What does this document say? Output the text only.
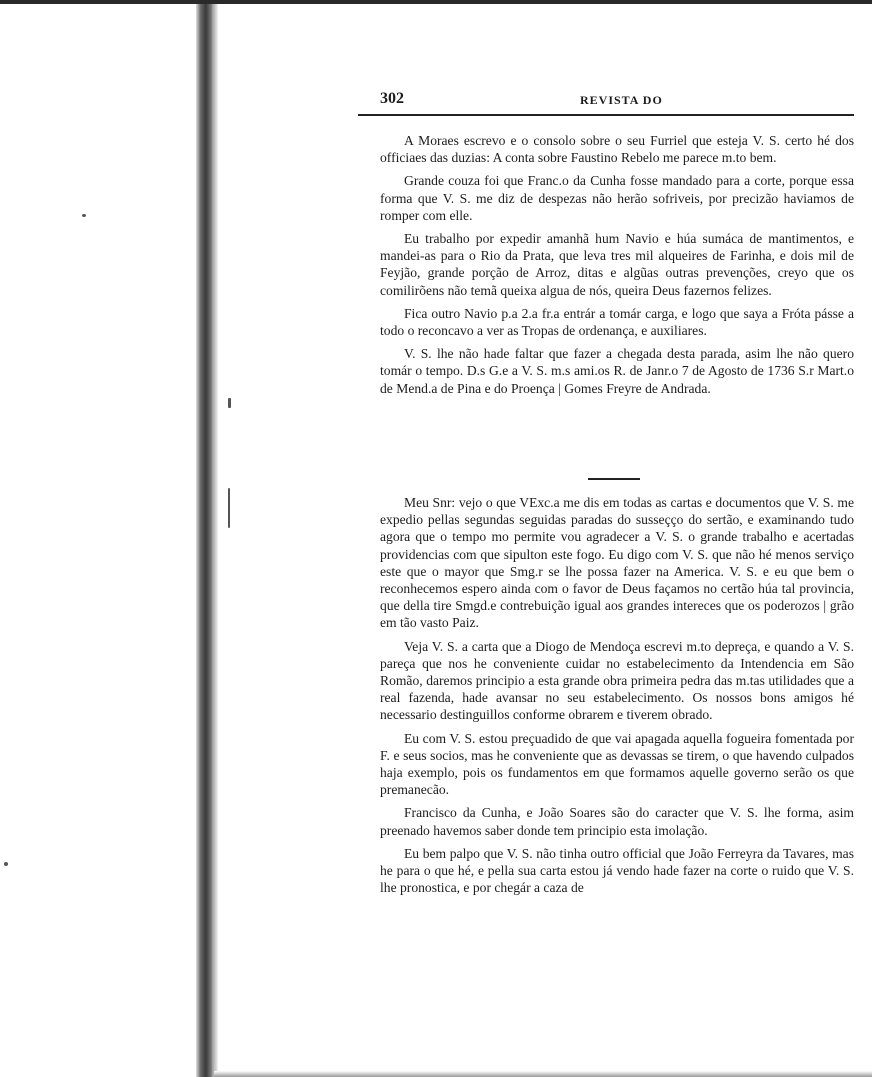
302	REVISTA DO

A Moraes escrevo e o consolo sobre o seu Furriel que esteja V. S. certo hé dos officiaes das duzias: A conta sobre Faustino Rebelo me parece m.to bem.

Grande couza foi que Franc.o da Cunha fosse mandado para a corte, porque essa forma que V. S. me diz de despezas não herão sofriveis, por precizão haviamos de romper com elle.

Eu trabalho por expedir amanhã hum Navio e húa sumáca de mantimentos, e mandei-as para o Rio da Prata, que leva tres mil alqueires de Farinha, e dois mil de Feyjão, grande porção de Arroz, ditas e algũas outras prevenções, creyo que os comilirõens não temã queixa algua de nós, queira Deus fazernos felizes.

Fica outro Navio p.a 2.a fr.a entrár a tomár carga, e logo que saya a Fróta pásse a todo o reconcavo a ver as Tropas de ordenança, e auxiliares.

V. S. lhe não hade faltar que fazer a chegada desta parada, asim lhe não quero tomár o tempo. D.s G.e a V. S. m.s ami.os R. de Janr.o 7 de Agosto de 1736 S.r Mart.o de Mend.a de Pina e do Proença | Gomes Freyre de Andrada.

Meu Snr: vejo o que VExc.a me dis em todas as cartas e documentos que V. S. me expedio pellas segundas seguidas paradas do susseçço do sertão, e examinando tudo agora que o tempo mo permite vou agradecer a V. S. o grande trabalho e acertadas providencias com que sipulton este fogo. Eu digo com V. S. que não hé menos serviço este que o mayor que Smg.r se lhe possa fazer na America. V. S. e eu que bem o reconhecemos espero ainda com o favor de Deus façamos no certão húa tal provincia, que della tire Smgd.e contrebuição igual aos grandes intereces que os poderozos | grão em tão vasto Paiz.

Veja V. S. a carta que a Diogo de Mendoça escrevi m.to depreça, e quando a V. S. pareça que nos he conveniente cuidar no estabelecimento da Intendencia em São Romão, daremos principio a esta grande obra primeira pedra das m.tas utilidades que a real fazenda, hade avansar no seu estabelecimento. Os nossos bons amigos hé necessario destinguillos conforme obrarem e tiverem obrado.

Eu com V. S. estou preçuadido de que vai apagada aquella fogueira fomentada por F. e seus socios, mas he conveniente que as devassas se tirem, o que havendo culpados haja exemplo, pois os fundamentos em que formamos aquelle governo serão os que premanecão.

Francisco da Cunha, e João Soares são do caracter que V. S. lhe forma, asim preenado havemos saber donde tem principio esta imolação.

Eu bem palpo que V. S. não tinha outro official que João Ferreyra da Tavares, mas he para o que hé, e pella sua carta estou já vendo hade fazer na corte o ruido que V. S. lhe pronostica, e por chegár a caza de
